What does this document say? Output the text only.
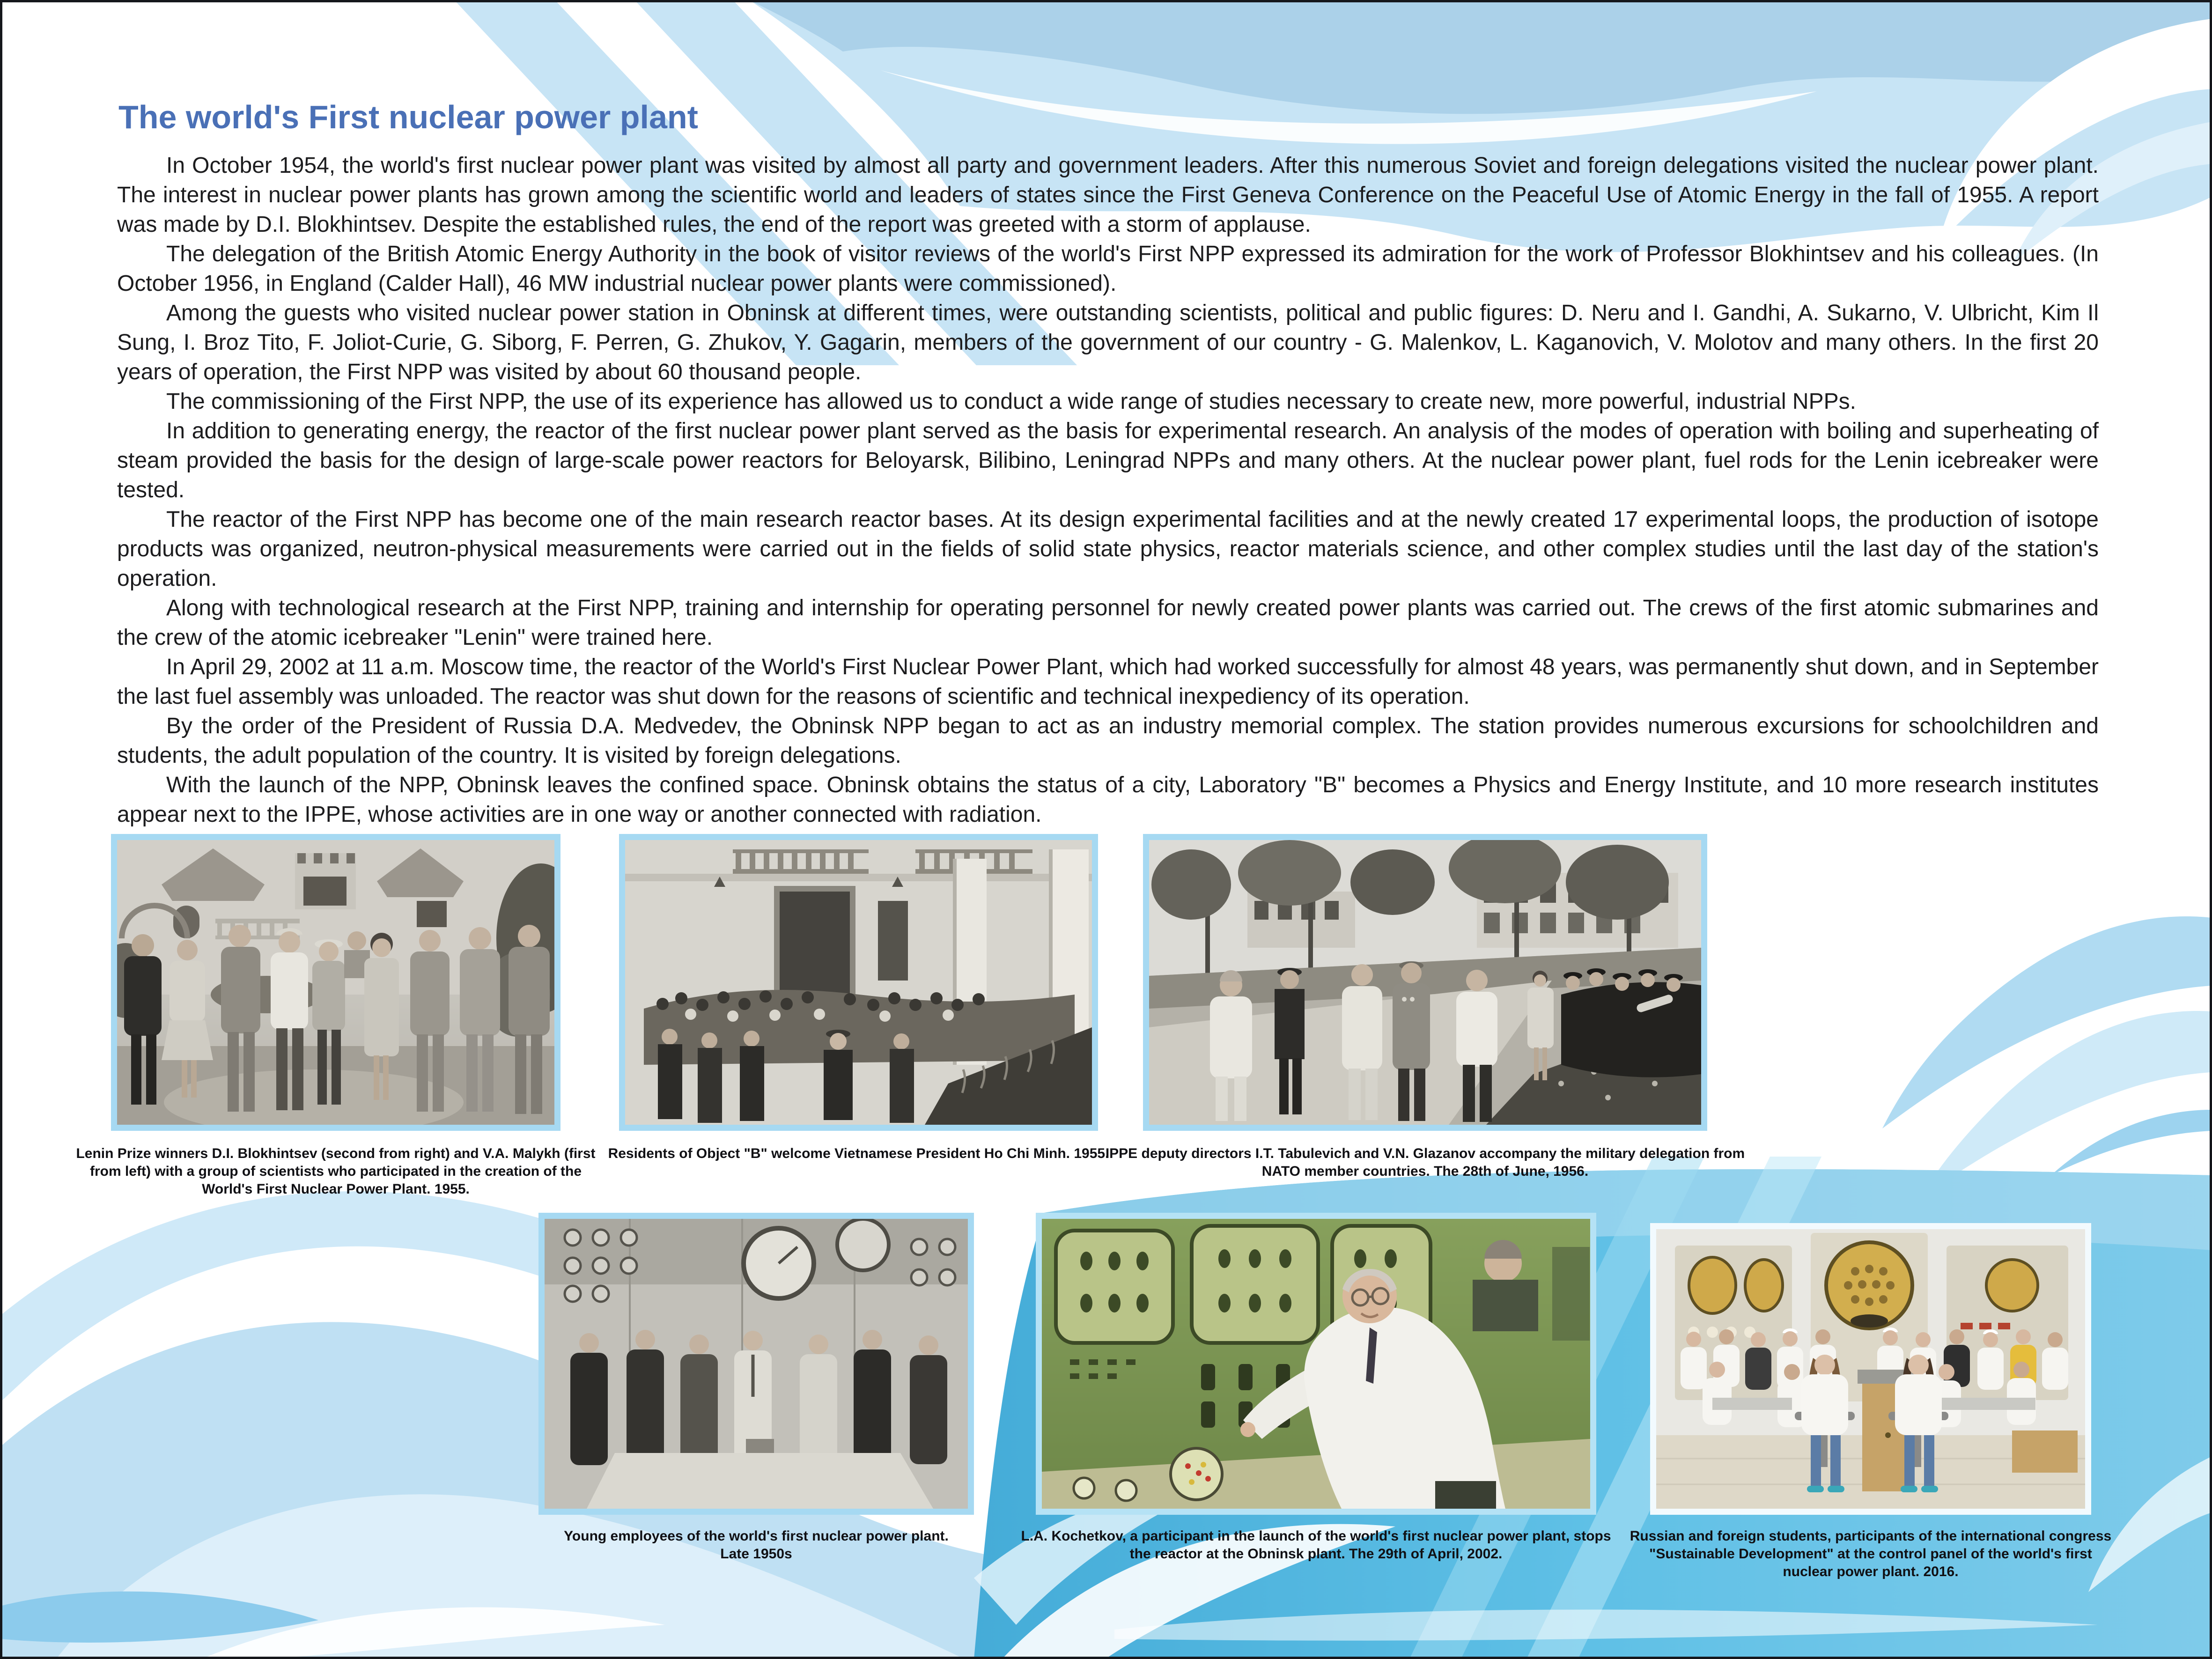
The world's First nuclear power plant

In October 1954, the world's first nuclear power plant was visited by almost all party and government leaders. After this numerous Soviet and foreign delegations visited the nuclear power plant. The interest in nuclear power plants has grown among the scientific world and leaders of states since the First Geneva Conference on the Peaceful Use of Atomic Energy in the fall of 1955. A report was made by D.I. Blokhintsev. Despite the established rules, the end of the report was greeted with a storm of applause.

The delegation of the British Atomic Energy Authority in the book of visitor reviews of the world's First NPP expressed its admiration for the work of Professor Blokhintsev and his colleagues. (In October 1956, in England (Calder Hall), 46 MW industrial nuclear power plants were commissioned).

Among the guests who visited nuclear power station in Obninsk at different times, were outstanding scientists, political and public figures: D. Neru and I. Gandhi, A. Sukarno, V. Ulbricht, Kim Il Sung, I. Broz Tito, F. Joliot-Curie, G. Siborg, F. Perren, G. Zhukov, Y. Gagarin, members of the government of our country - G. Malenkov, L. Kaganovich, V. Molotov and many others. In the first 20 years of operation, the First NPP was visited by about 60 thousand people.

The commissioning of the First NPP, the use of its experience has allowed us to conduct a wide range of studies necessary to create new, more powerful, industrial NPPs.

In addition to generating energy, the reactor of the first nuclear power plant served as the basis for experimental research. An analysis of the modes of operation with boiling and superheating of steam provided the basis for the design of large-scale power reactors for Beloyarsk, Bilibino, Leningrad NPPs and many others. At the nuclear power plant, fuel rods for the Lenin icebreaker were tested.

The reactor of the First NPP has become one of the main research reactor bases. At its design experimental facilities and at the newly created 17 experimental loops, the production of isotope products was organized, neutron-physical measurements were carried out in the fields of solid state physics, reactor materials science, and other complex studies until the last day of the station's operation.

Along with technological research at the First NPP, training and internship for operating personnel for newly created power plants was carried out. The crews of the first atomic submarines and the crew of the atomic icebreaker "Lenin" were trained here.

In April 29, 2002 at 11 a.m. Moscow time, the reactor of the World's First Nuclear Power Plant, which had worked successfully for almost 48 years, was permanently shut down, and in September the last fuel assembly was unloaded. The reactor was shut down for the reasons of scientific and technical inexpediency of its operation.

By the order of the President of Russia D.A. Medvedev, the Obninsk NPP began to act as an industry memorial complex. The station provides numerous excursions for schoolchildren and students, the adult population of the country. It is visited by foreign delegations.

With the launch of the NPP, Obninsk leaves the confined space. Obninsk obtains the status of a city, Laboratory "B" becomes a Physics and Energy Institute, and 10 more research institutes appear next to the IPPE, whose activities are in one way or another connected with radiation.

Lenin Prize winners D.I. Blokhintsev (second from right) and V.A. Malykh (first from left) with a group of scientists who participated in the creation of the World's First Nuclear Power Plant. 1955.
Residents of Object "B" welcome Vietnamese President Ho Chi Minh. 1955.
IPPE deputy directors I.T. Tabulevich and V.N. Glazanov accompany the military delegation from NATO member countries. The 28th of June, 1956.
Young employees of the world's first nuclear power plant. Late 1950s
L.A. Kochetkov, a participant in the launch of the world's first nuclear power plant, stops the reactor at the Obninsk plant. The 29th of April, 2002.
Russian and foreign students, participants of the international congress "Sustainable Development" at the control panel of the world's first nuclear power plant. 2016.
